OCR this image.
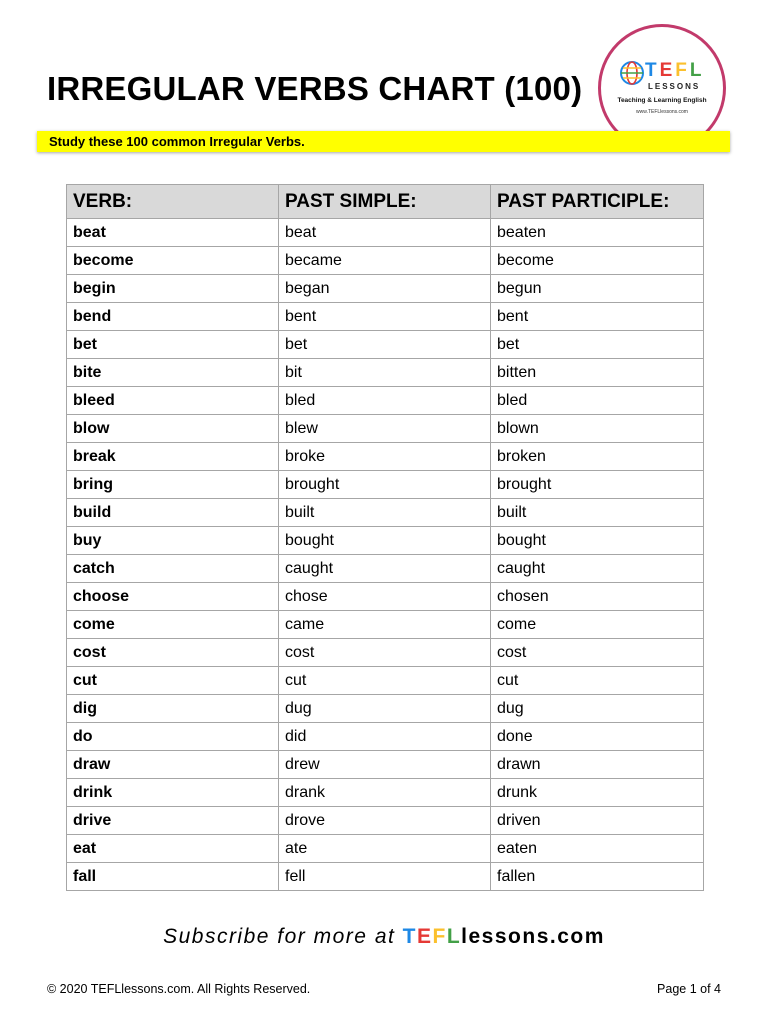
IRREGULAR VERBS CHART (100)	TEFL
LESSONS
Teaching & Learning English
www.TEFLlessons.com
Study these 100 common Irregular Verbs.
VERB:	PAST SIMPLE:	PAST PARTICIPLE:
beat	beat	beaten
become	became	become
begin	began	begun
bend	bent	bent
bet	bet	bet
bite	bit	bitten
bleed	bled	bled
blow	blew	blown
break	broke	broken
bring	brought	brought
build	built	built
buy	bought	bought
catch	caught	caught
choose	chose	chosen
come	came	come
cost	cost	cost
cut	cut	cut
dig	dug	dug
do	did	done
draw	drew	drawn
drink	drank	drunk
drive	drove	driven
eat	ate	eaten
fall	fell	fallen
Subscribe for more at TEFLlessons.com
© 2020 TEFLlessons.com. All Rights Reserved.	Page 1 of 4
